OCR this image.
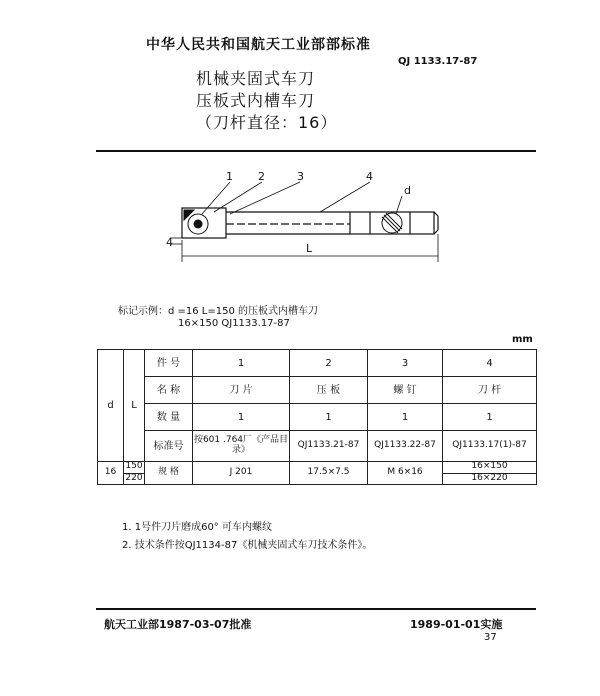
中华人民共和国航天工业部部标准
QJ 1133.17-87
机械夹固式车刀
压板式内槽车刀
（刀杆直径：16）
1 2	3	4
d
L
4
标记示例：d =16 L=150 的压板式内槽车刀
16×150 QJ1133.17-87
mm
d	L	件 号	1	2	3	4
		名 称	刀 片	压 板	螺 钉	刀 杆
		数 量	1	1	1	1
		标准号	按601 .764厂《产品目录》	QJ1133.21-87	QJ1133.22-87	QJ1133.17(1)-87
16	150	规 格	J 201	17.5×7.5	M 6×16	16×150
	220					16×220
1. 1号件刀片磨成60° 可车内螺纹
2. 技术条件按QJ1134-87《机械夹固式车刀技术条件》。
航天工业部1987-03-07批准	1989-01-01实施
37
